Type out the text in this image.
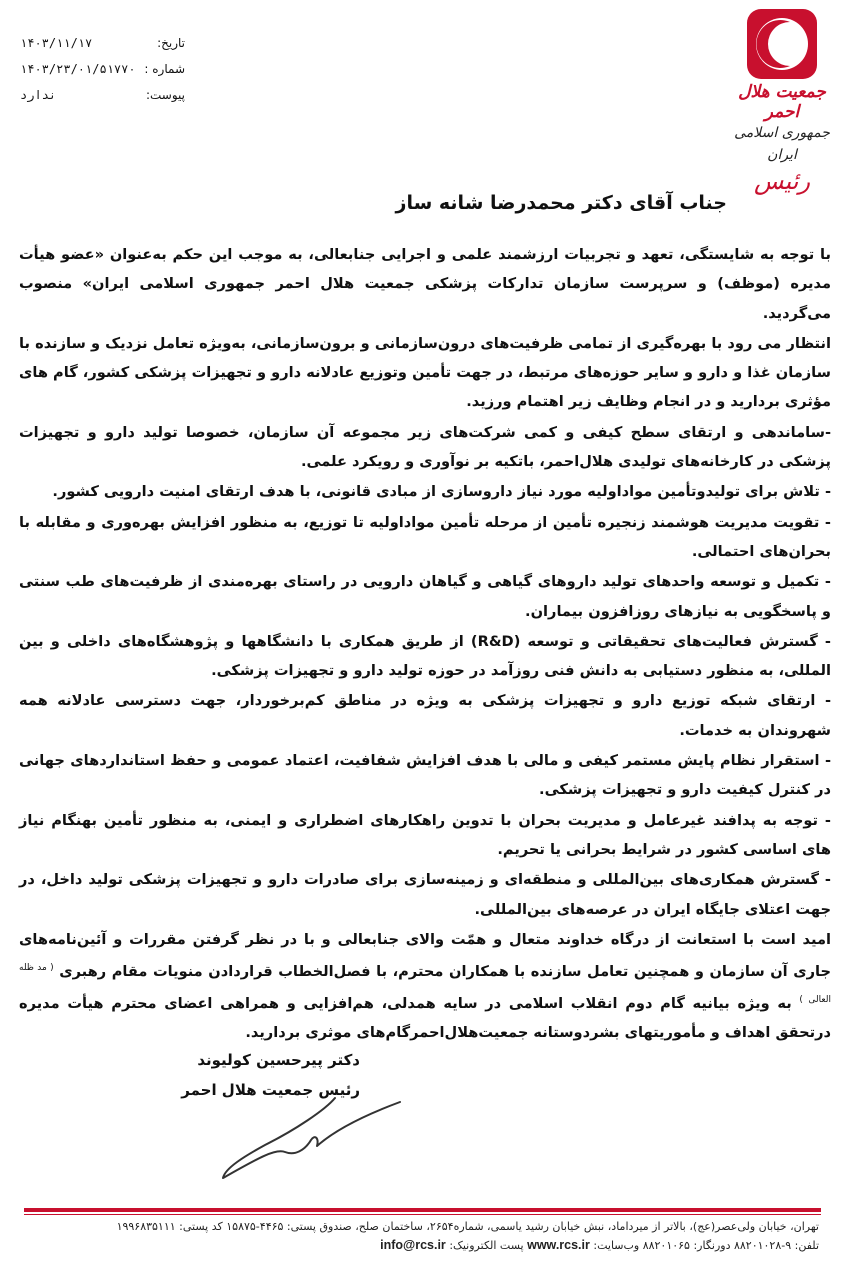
جمعیت هلال احمر
جمهوری اسلامی ایران
رئیس
تاریخ:
۱۴۰۳/۱۱/۱۷
شماره :
۱۴۰۳/۲۳/۰۱/۵۱۷۷۰
پیوست:
ندارد
جناب آقای دکتر محمدرضا شانه ساز

با توجه به شایستگی، تعهد و تجربیات ارزشمند علمی و اجرایی جنابعالی، به موجب این حکم به‌عنوان «عضو هیأت مدیره (موظف) و سرپرست سازمان تدارکات پزشکی جمعیت هلال احمر جمهوری اسلامی ایران» منصوب می‌گردید.

انتظار می رود با بهره‌گیری از تمامی ظرفیت‌های درون‌سازمانی و برون‌سازمانی، به‌ویژه تعامل نزدیک و سازنده با سازمان غذا و دارو و سایر حوزه‌های مرتبط، در جهت تأمین وتوزیع عادلانه دارو و تجهیزات پزشکی کشور، گام های مؤثری بردارید و در انجام وظایف زیر اهتمام ورزید.

-ساماندهی و ارتقای سطح کیفی و کمی شرکت‌های زیر مجموعه آن سازمان، خصوصا تولید دارو و تجهیزات پزشکی در کارخانه‌های تولیدی هلال‌احمر، باتکیه بر نوآوری و رویکرد علمی.

- تلاش برای تولیدوتأمین مواداولیه مورد نیاز داروسازی از مبادی قانونی، با هدف ارتقای امنیت دارویی کشور.

- تقویت مدیریت هوشمند زنجیره تأمین از مرحله تأمین مواداولیه تا توزیع، به منظور افزایش بهره‌وری و مقابله با بحران‌های احتمالی.

- تکمیل و توسعه واحدهای تولید داروهای گیاهی و گیاهان دارویی در راستای بهره‌مندی از ظرفیت‌های طب سنتی و پاسخگویی به نیازهای روزافزون بیماران.

- گسترش فعالیت‌های تحقیقاتی و توسعه (R&D) از طریق همکاری با دانشگاهها و پژوهشگاه‌های داخلی و بین المللی، به منظور دستیابی به دانش فنی روزآمد در حوزه تولید دارو و تجهیزات پزشکی.

- ارتقای شبکه توزیع دارو و تجهیزات پزشکی به ویژه در مناطق کم‌برخوردار، جهت دسترسی عادلانه همه شهروندان به خدمات.

- استقرار نظام پایش مستمر کیفی و مالی با هدف افزایش شفافیت، اعتماد عمومی و حفظ استانداردهای جهانی در کنترل کیفیت دارو و تجهیزات پزشکی.

- توجه به پدافند غیرعامل و مدیریت بحران با تدوین راهکارهای اضطراری و ایمنی، به منظور تأمین بهنگام نیاز های اساسی کشور در شرایط بحرانی یا تحریم.

- گسترش همکاری‌های بین‌المللی و منطقه‌ای و زمینه‌سازی برای صادرات دارو و تجهیزات پزشکی تولید داخل، در جهت اعتلای جایگاه ایران در عرصه‌های بین‌المللی.

امید است با استعانت از درگاه خداوند متعال و همّت والای جنابعالی و با در نظر گرفتن مقررات و آئین‌نامه‌های جاری آن سازمان و همچنین تعامل سازنده با همکاران محترم، با فصل‌الخطاب قراردادن منویات مقام رهبری $^{( مد ظله العالی )}$ به ویژه بیانیه گام دوم انقلاب اسلامی در سایه همدلی، هم‌افزایی و همراهی اعضای محترم هیأت مدیره درتحقق اهداف و مأموریتهای بشردوستانه جمعیت‌هلال‌احمرگام‌های موثری بردارید.

دکتر پیرحسین کولیوند
رئیس جمعیت هلال احمر
تهران، خیابان ولی‌عصر(عج)، بالاتر از میرداماد، نبش خیابان رشید یاسمی، شماره۲۶۵۴، ساختمان صلح، صندوق پستی: ۴۴۶۵-۱۵۸۷۵ کد پستی: ۱۹۹۶۸۳۵۱۱۱
تلفن: ۹-۸۸۲۰۱۰۲۸ دورنگار: ۸۸۲۰۱۰۶۵ وب‌سایت: www.rcs.ir پست الکترونیک: info@rcs.ir
